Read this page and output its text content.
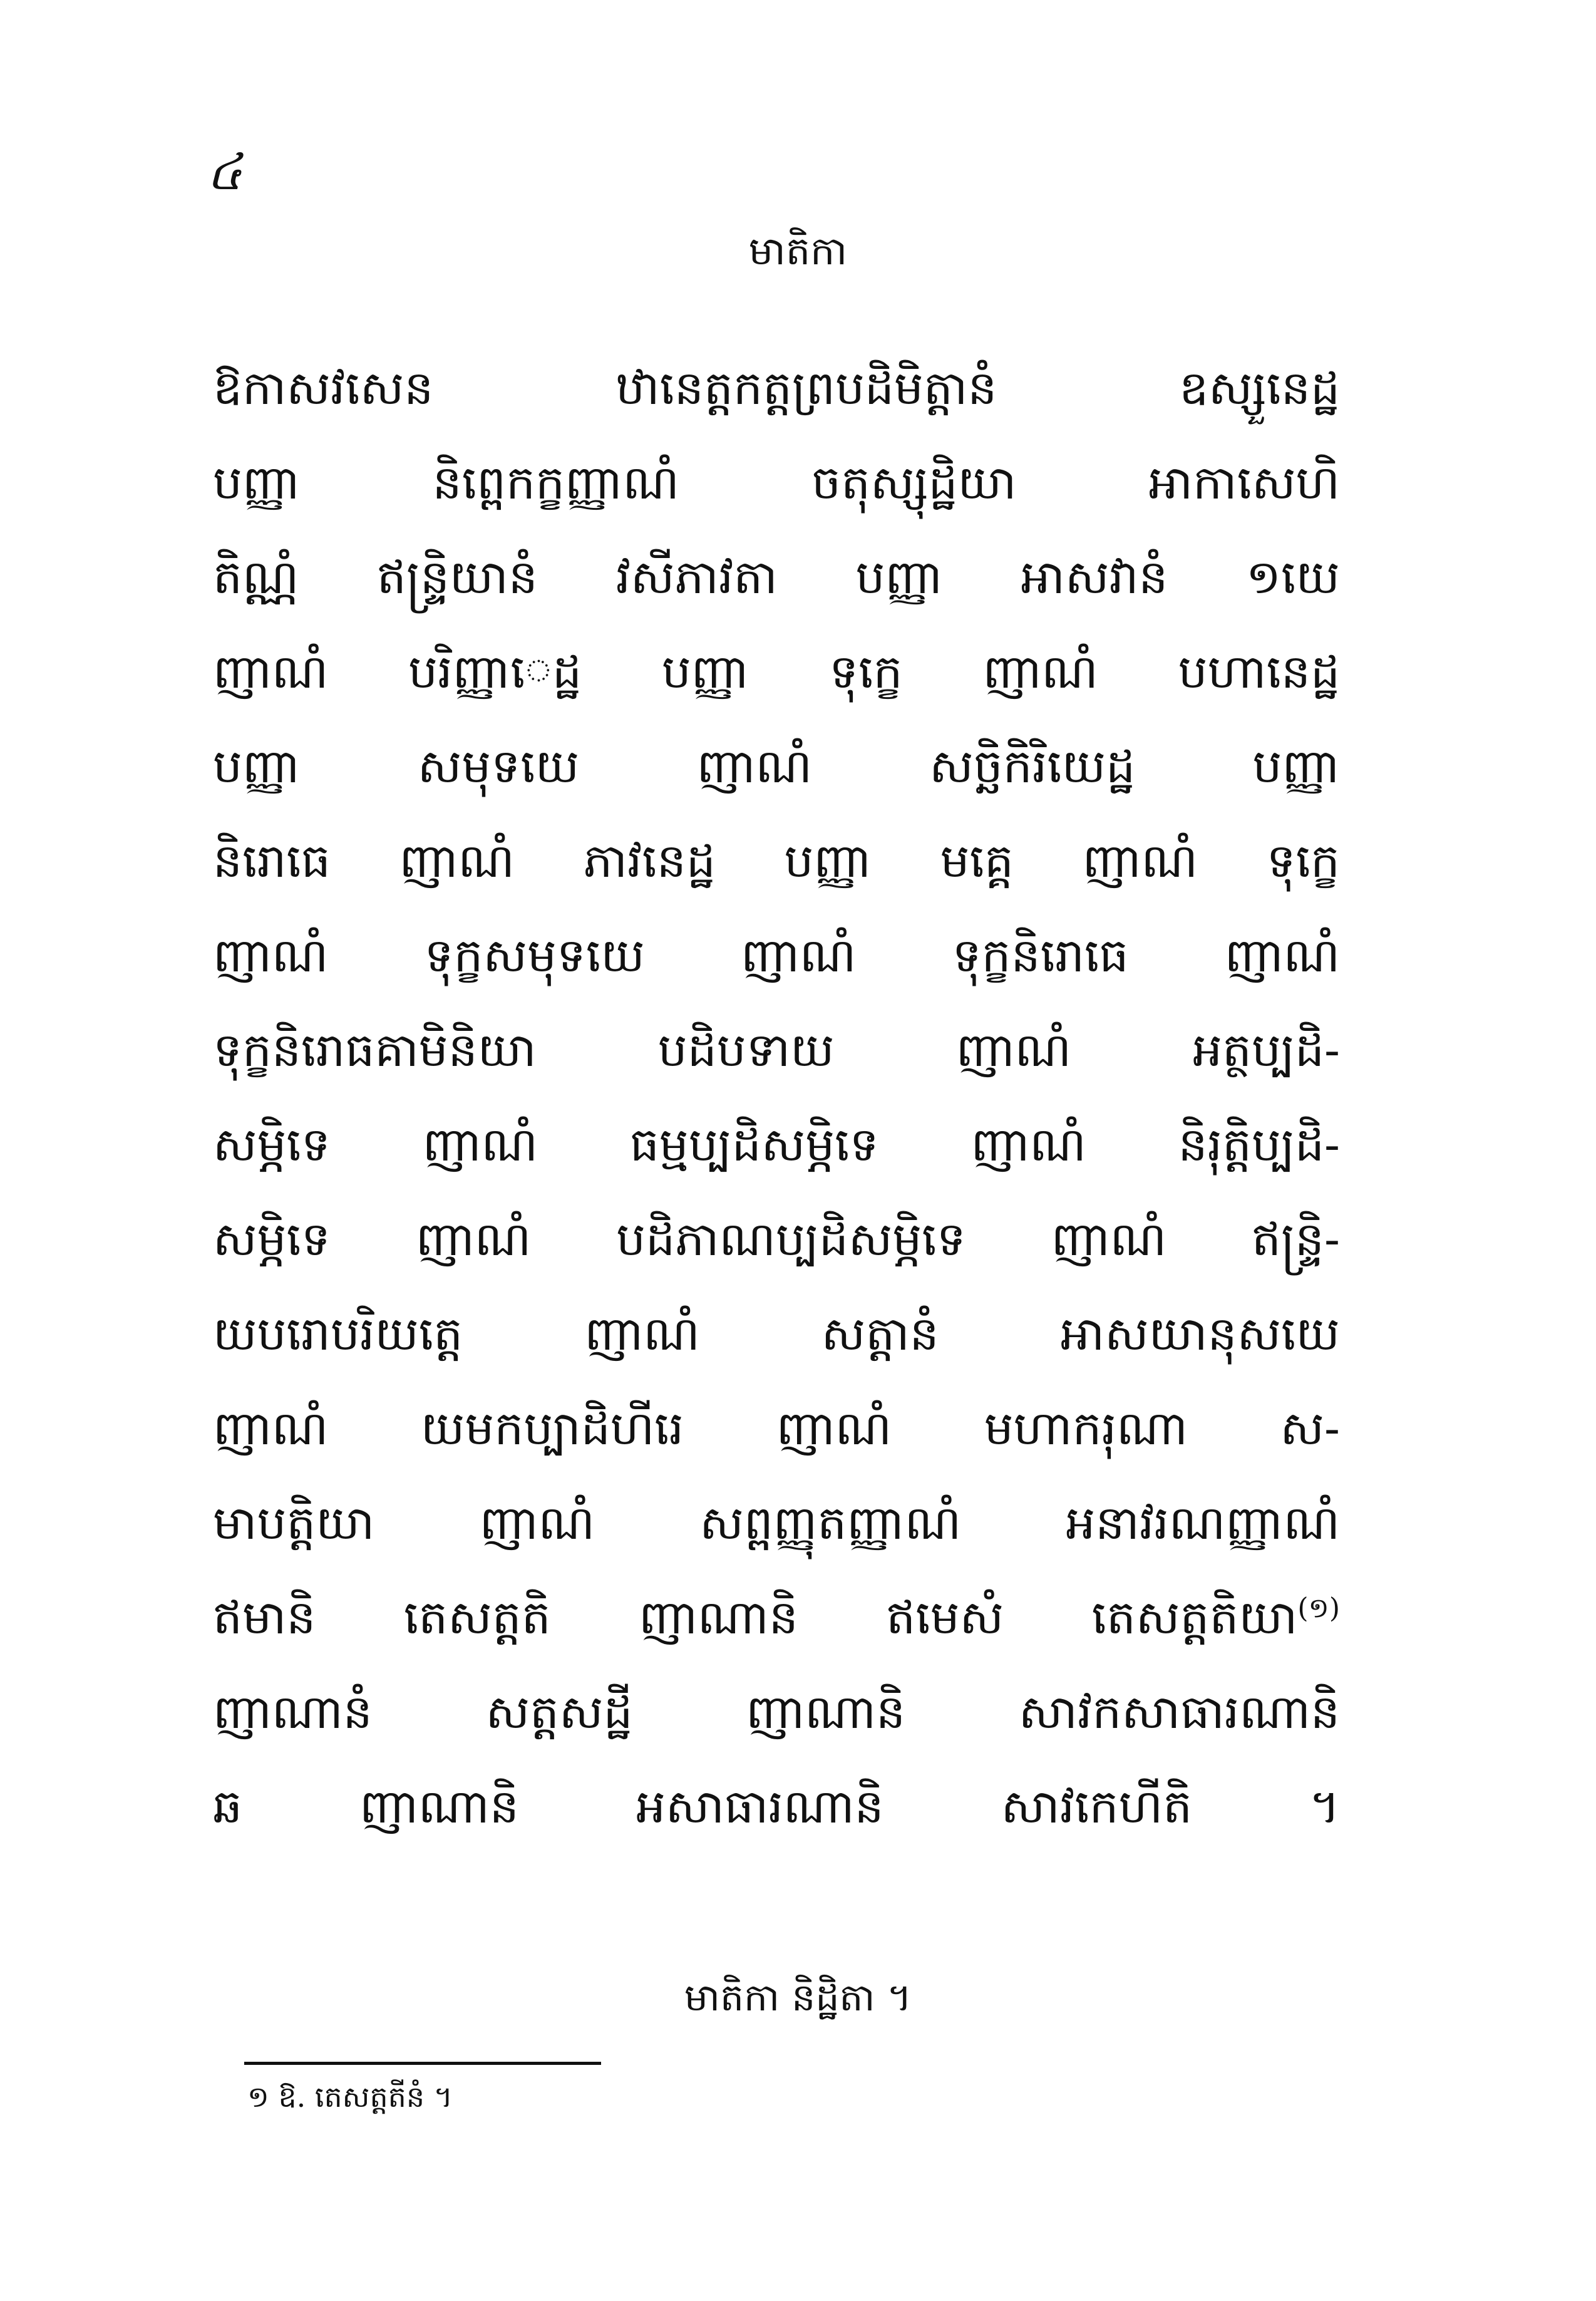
៤
មាតិកា
ឱកាសវសេន ឋានេត្តកត្តព្របដិមិត្តានំ ឧស្សួនេដ្ឋ
បញ្ញា និព្ពេកក្ខញ្ញាណំ ចតុស្សុដ្ឋិយា អាកាសេហិ
តិណ្ណំ ឥន្ទ្រិយានំ វសីភាវតា បញ្ញា អាសវានំ ១យេ
ញាណំ បរិញ្ញាេដ្ឋ បញ្ញា ទុក្ខេ ញាណំ បហានេដ្ឋ
បញ្ញា សមុទយេ ញាណំ សច្ឆិកិរិយេដ្ឋ បញ្ញា
និរោធេ ញាណំ ភាវនេដ្ឋ បញ្ញា មគ្គេ ញាណំ ទុក្ខេ
ញាណំ ទុក្ខសមុទយេ ញាណំ ទុក្ខនិរោធេ ញាណំ
ទុក្ខនិរោធគាមិនិយា បដិបទាយ ញាណំ អត្ថប្បដិ-
សម្ភិទេ ញាណំ ធម្មប្បដិសម្ភិទេ ញាណំ និរុត្តិប្បដិ-
សម្ភិទេ ញាណំ បដិភាណប្បដិសម្ភិទេ ញាណំ ឥន្ទ្រិ-
យបរោបរិយត្តេ ញាណំ សត្តានំ អាសយានុសយេ
ញាណំ យមកប្បាដិហីរេ ញាណំ មហាករុណា ស-
មាបត្តិយា ញាណំ សព្ពញ្ញុតញ្ញាណំ អនាវរណញ្ញាណំ
ឥមានិ តេសត្តតិ ញាណានិ ឥមេសំ តេសត្តតិយា$^{(១)}$
ញាណានំ សត្តសដ្ឋី ញាណានិ សាវកសាធារណានិ
ឆ ញាណានិ អសាធារណានិ សាវកេហីតិ ។
មាតិកា និដ្ឋិតា ។
១ ឱ. តេសត្តតីនំ ។
